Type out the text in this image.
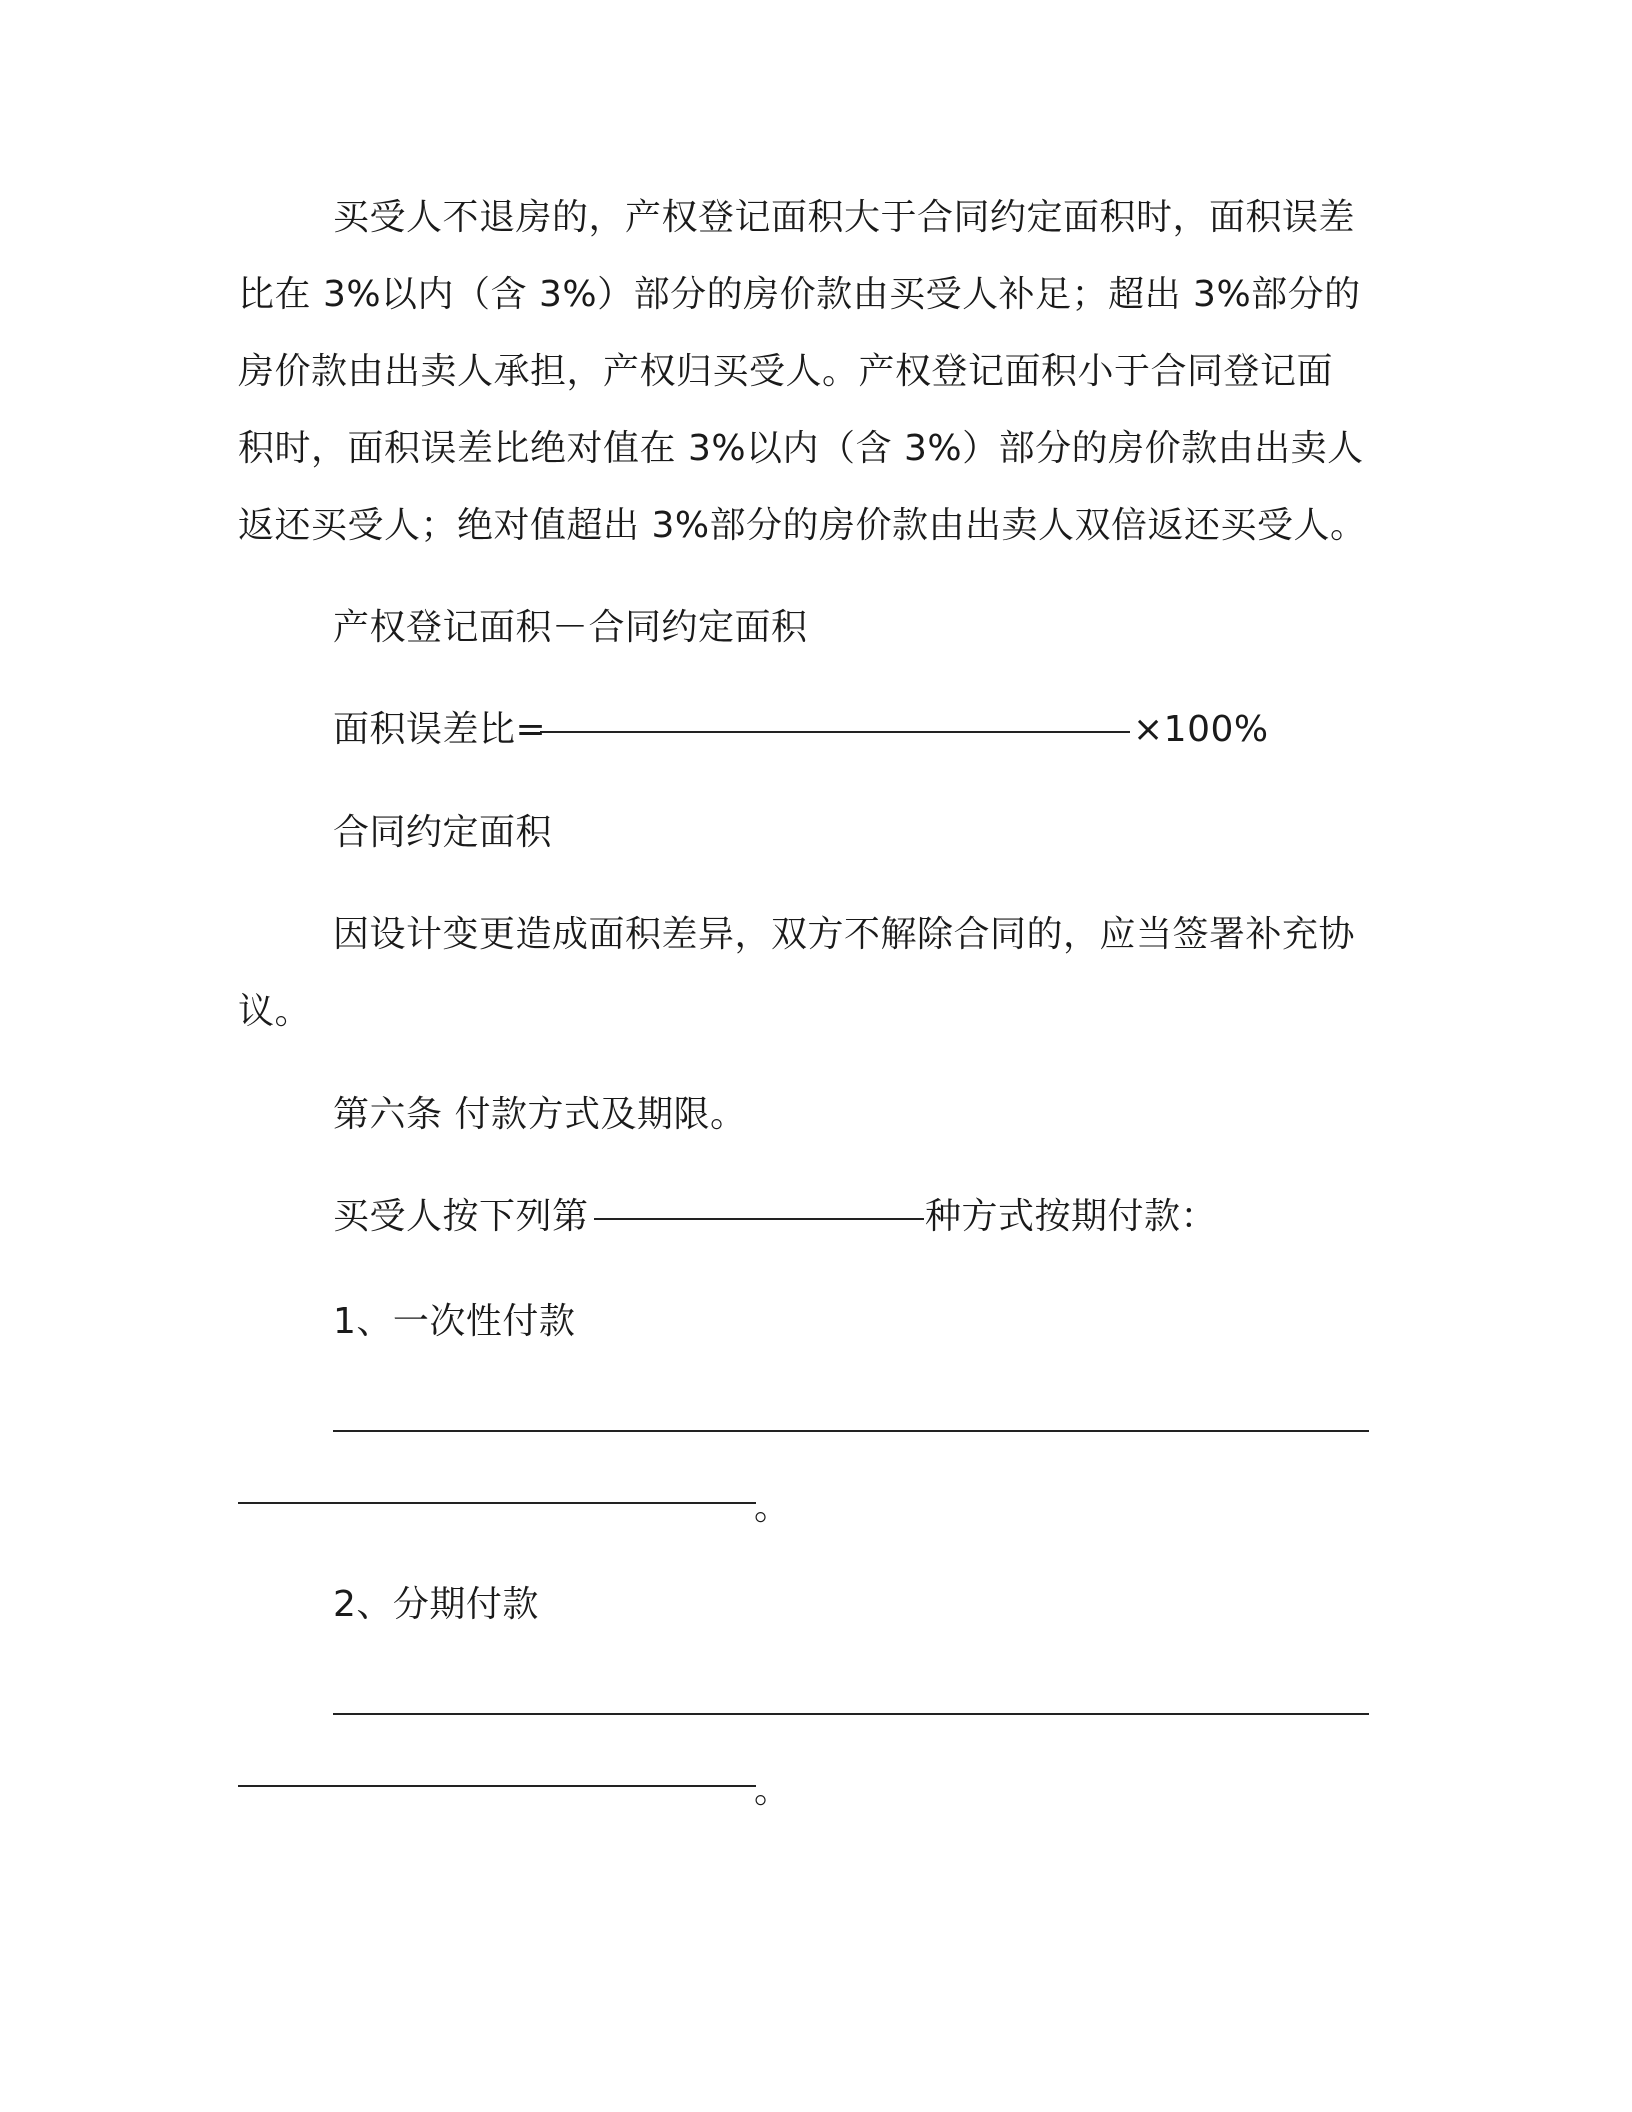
买受人不退房的，产权登记面积大于合同约定面积时，面积误差
比在 3%以内（含 3%）部分的房价款由买受人补足；超出 3%部分的
房价款由出卖人承担，产权归买受人。产权登记面积小于合同登记面
积时，面积误差比绝对值在 3%以内（含 3%）部分的房价款由出卖人
返还买受人；绝对值超出 3%部分的房价款由出卖人双倍返还买受人。
产权登记面积－合同约定面积
面积误差比=	×100%
合同约定面积
因设计变更造成面积差异，双方不解除合同的，应当签署补充协
议。
第六条 付款方式及期限。
买受人按下列第	种方式按期付款：
1、一次性付款
。
2、分期付款
。
